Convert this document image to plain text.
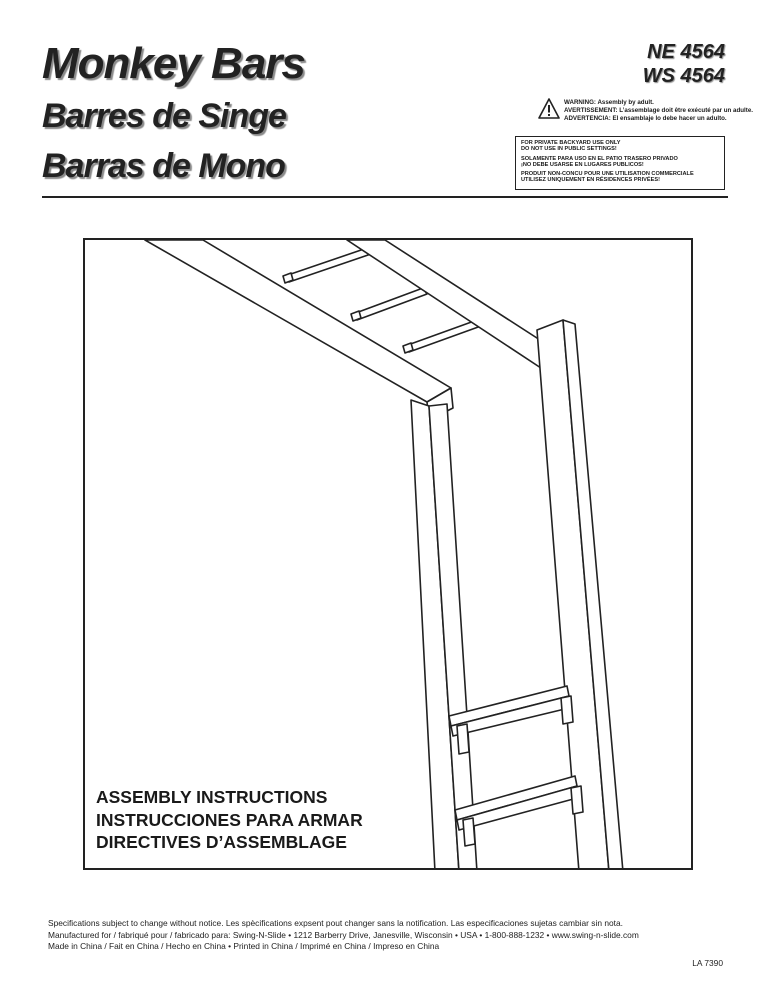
Monkey Bars
Barres de Singe
Barras de Mono
NE 4564
WS 4564
WARNING: Assembly by adult.
AVERTISSEMENT: L’assemblage doit être exécuté par un adulte.
ADVERTENCIA: El ensamblaje lo debe hacer un adulto.
FOR PRIVATE BACKYARD USE ONLY
DO NOT USE IN PUBLIC SETTINGS!
SOLAMENTE PARA USO EN EL PATIO TRASERO PRIVADO
¡NO DEBE USARSE EN LUGARES PUBLICOS!
PRODUIT NON-CONCU POUR UNE UTILISATION COMMERCIALE
UTILISEZ UNIQUEMENT EN RÉSIDENCES PRIVÉES!
ASSEMBLY INSTRUCTIONS
INSTRUCCIONES PARA ARMAR
DIRECTIVES D’ASSEMBLAGE
Specifications subject to change without notice. Les spècifications expsent pout changer sans la notification. Las especificaciones sujetas cambiar sin nota.
Manufactured for / fabriqué pour / fabricado para: Swing-N-Slide • 1212 Barberry Drive, Janesville, Wisconsin • USA • 1-800-888-1232 • www.swing-n-slide.com
Made in China / Fait en China / Hecho en China • Printed in China / Imprimé en China / Impreso en China
LA 7390
